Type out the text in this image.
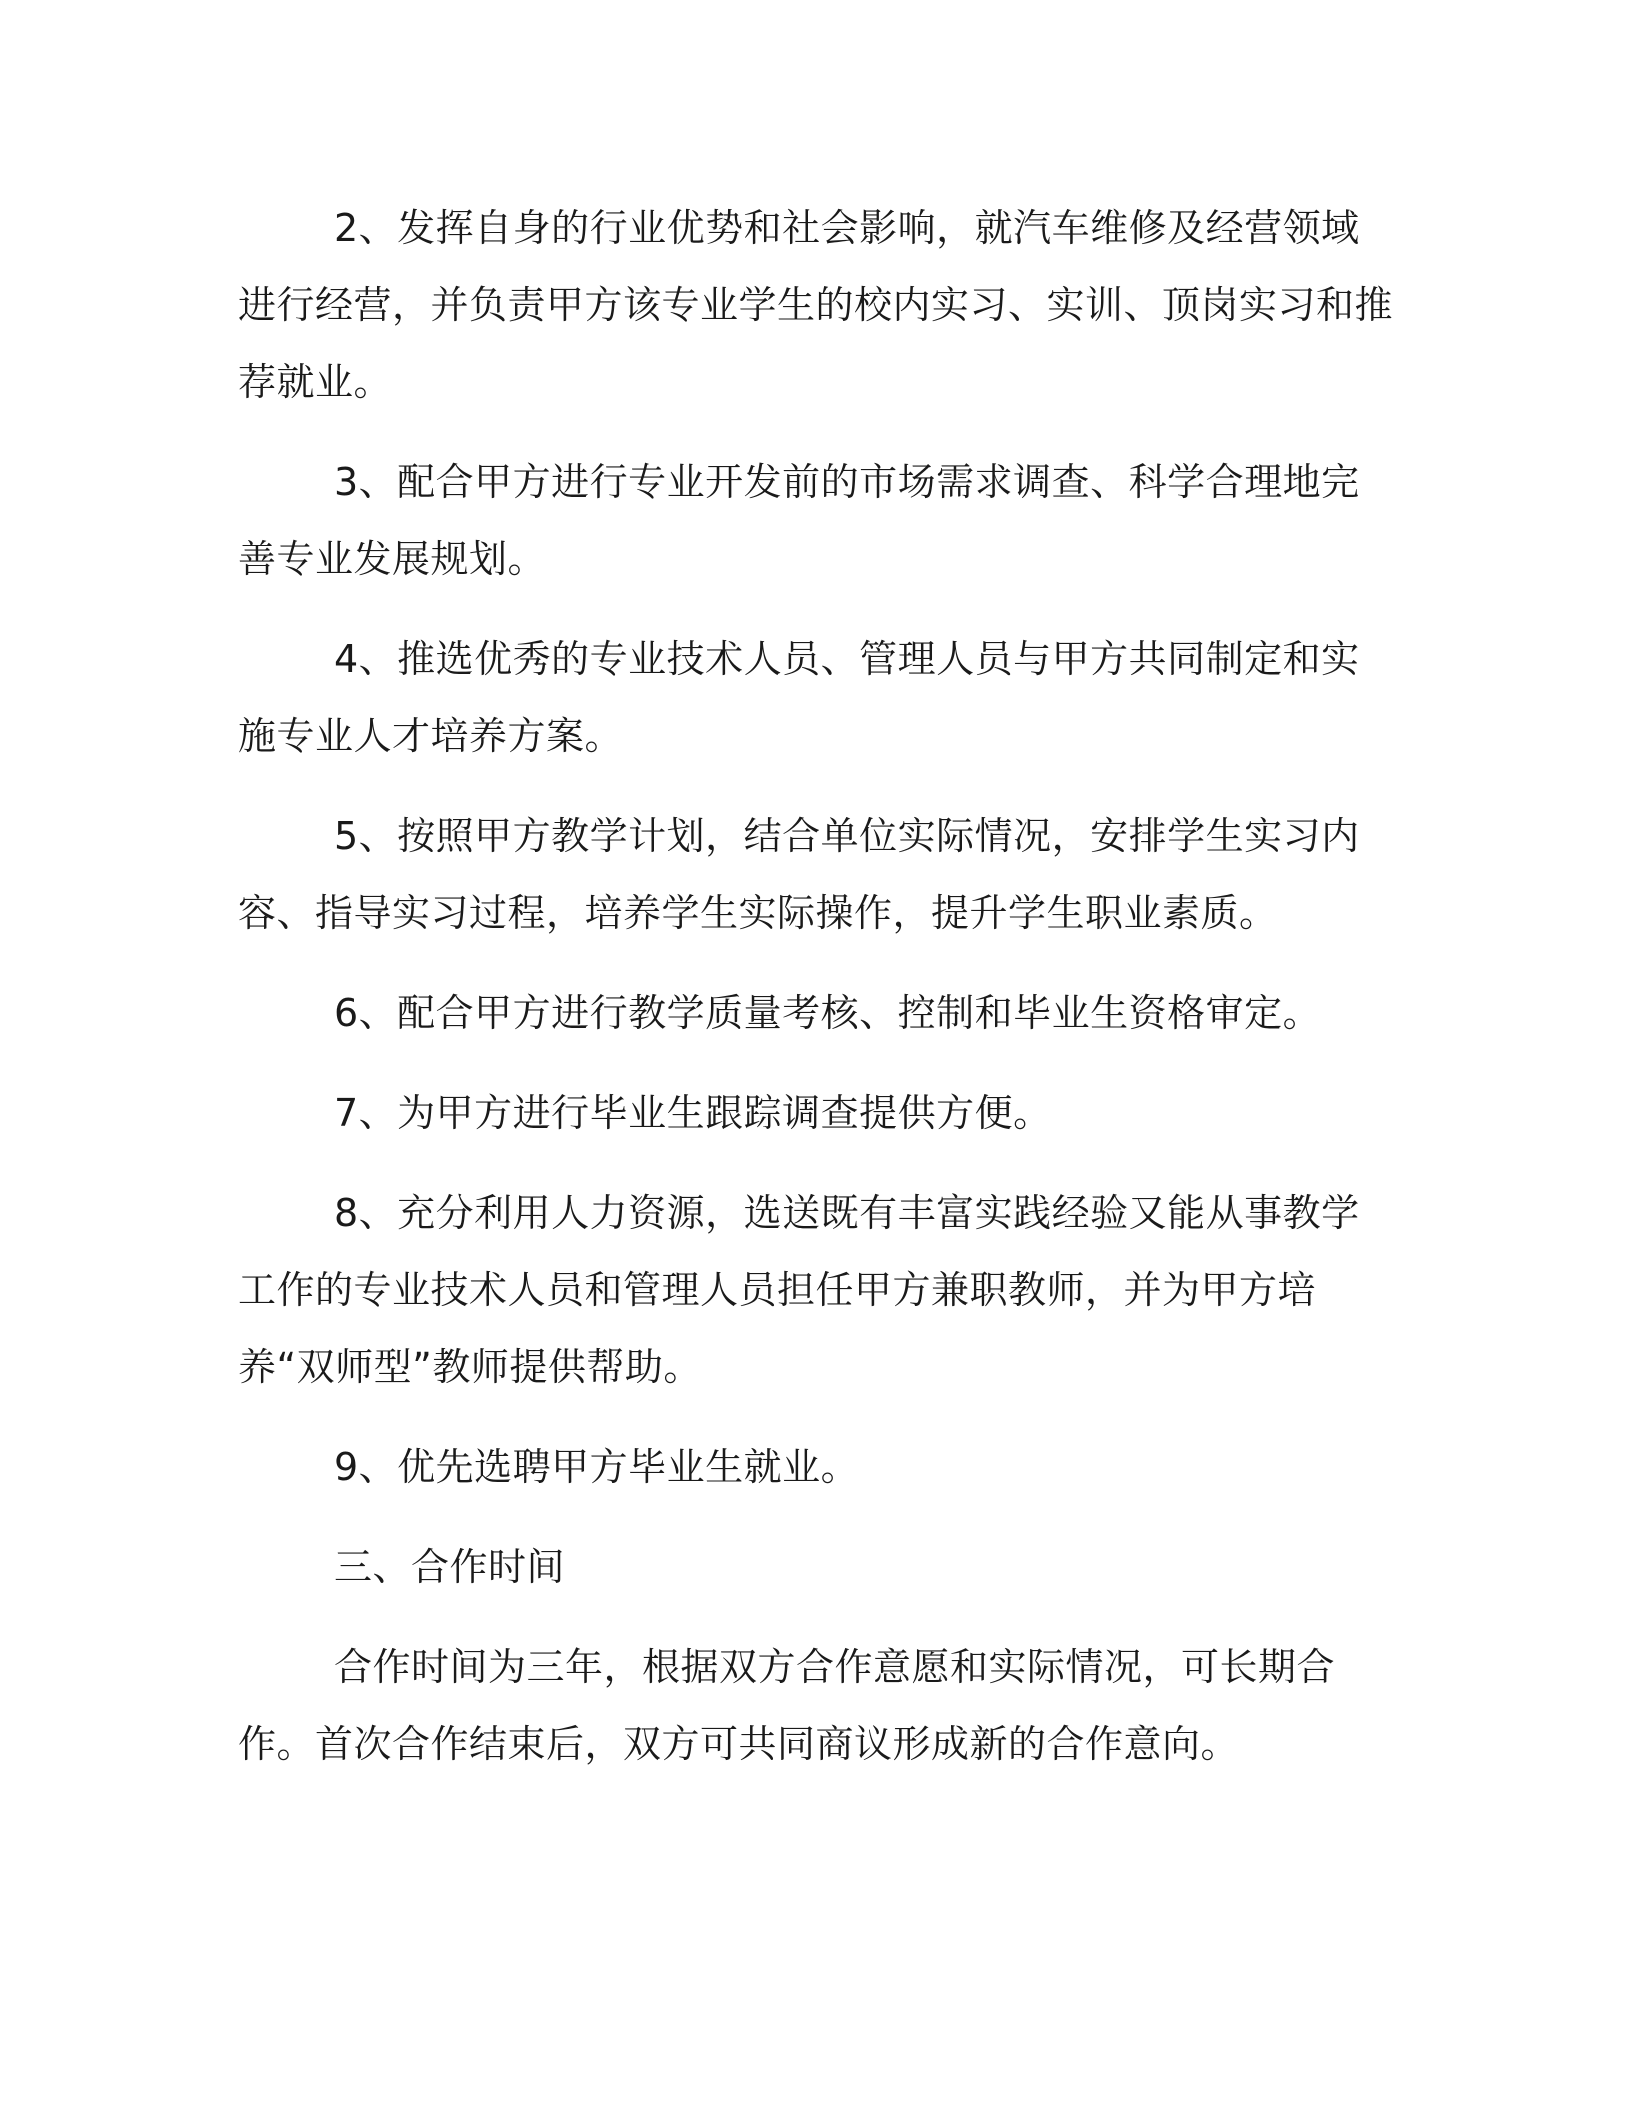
2、发挥自身的行业优势和社会影响，就汽车维修及经营领域进行经营，并负责甲方该专业学生的校内实习、实训、顶岗实习和推荐就业。

3、配合甲方进行专业开发前的市场需求调查、科学合理地完善专业发展规划。

4、推选优秀的专业技术人员、管理人员与甲方共同制定和实施专业人才培养方案。

5、按照甲方教学计划，结合单位实际情况，安排学生实习内容、指导实习过程，培养学生实际操作，提升学生职业素质。

6、配合甲方进行教学质量考核、控制和毕业生资格审定。

7、为甲方进行毕业生跟踪调查提供方便。

8、充分利用人力资源，选送既有丰富实践经验又能从事教学工作的专业技术人员和管理人员担任甲方兼职教师，并为甲方培养“双师型”教师提供帮助。

9、优先选聘甲方毕业生就业。

三、合作时间

合作时间为三年，根据双方合作意愿和实际情况，可长期合作。首次合作结束后，双方可共同商议形成新的合作意向。
